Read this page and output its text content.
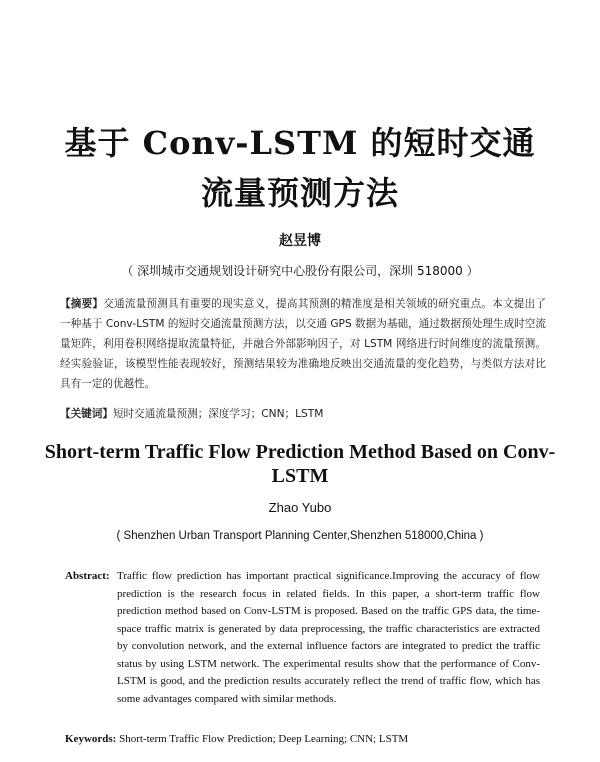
基于 Conv-LSTM 的短时交通
流量预测方法
赵昱博
（ 深圳城市交通规划设计研究中心股份有限公司，深圳 518000 ）
【摘要】交通流量预测具有重要的现实意义，提高其预测的精准度是相关领域的研究重点。本文提出了一种基于 Conv-LSTM 的短时交通流量预测方法，以交通 GPS 数据为基础，通过数据预处理生成时空流量矩阵，利用卷积网络提取流量特征，并融合外部影响因子，对 LSTM 网络进行时间维度的流量预测。经实验验证，该模型性能表现较好，预测结果较为准确地反映出交通流量的变化趋势，与类似方法对比具有一定的优越性。
【关键词】短时交通流量预测；深度学习；CNN；LSTM
Short-term Traffic Flow Prediction Method Based on Conv-LSTM
Zhao Yubo
( Shenzhen Urban Transport Planning Center,Shenzhen 518000,China )
Abstract: Traffic flow prediction has important practical significance.Improving the accuracy of flow prediction is the research focus in related fields. In this paper, a short-term traffic flow prediction method based on Conv-LSTM is proposed. Based on the traffic GPS data, the time-space traffic matrix is generated by data preprocessing, the traffic characteristics are extracted by convolution network, and the external influence factors are integrated to predict the traffic status by using LSTM network. The experimental results show that the performance of Conv-LSTM is good, and the prediction results accurately reflect the trend of traffic flow, which has some advantages compared with similar methods.
Keywords: Short-term Traffic Flow Prediction; Deep Learning; CNN; LSTM
